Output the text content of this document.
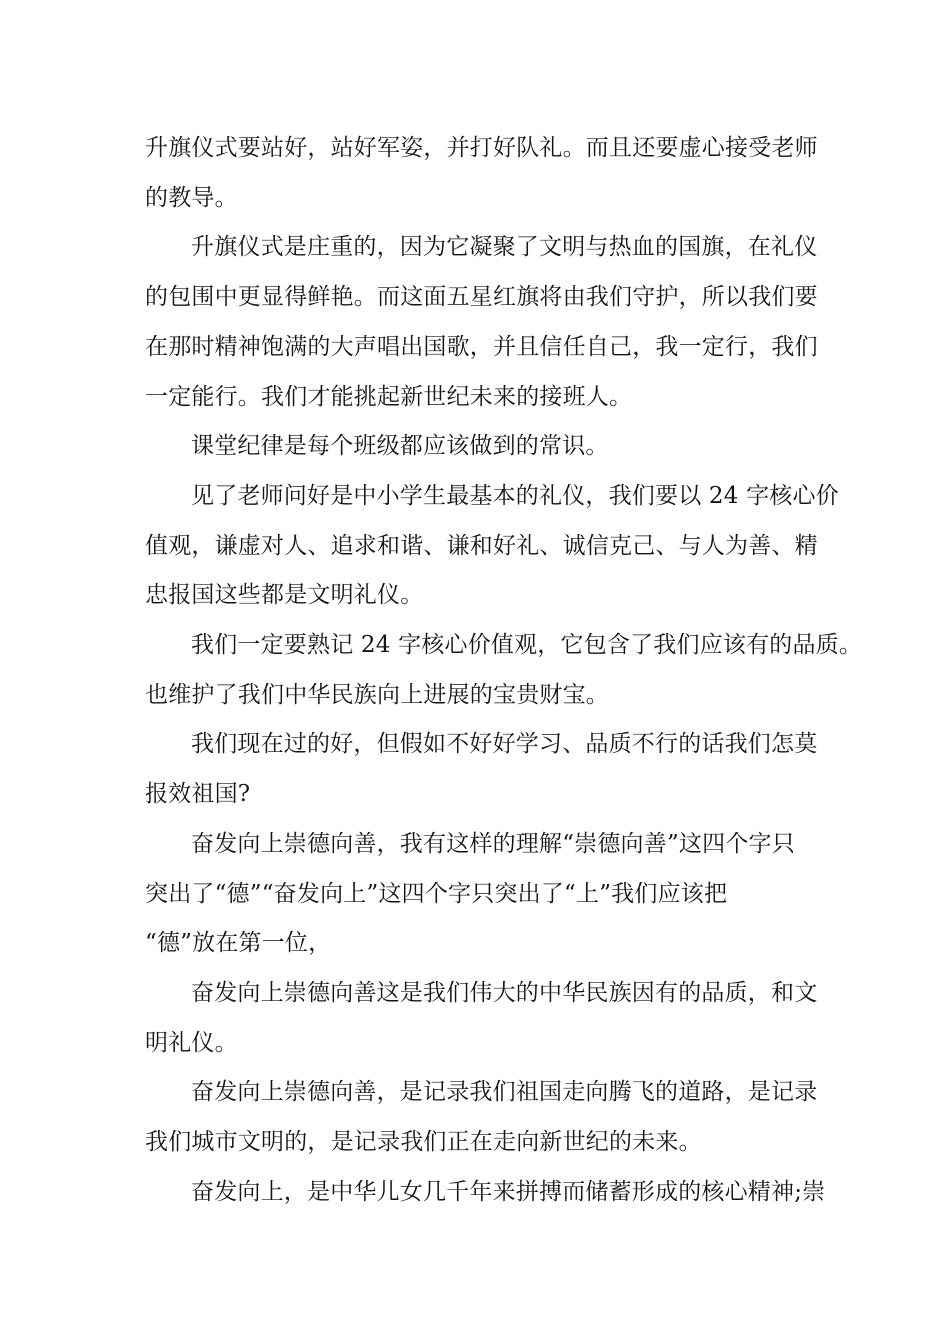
升旗仪式要站好，站好军姿，并打好队礼。而且还要虚心接受老师
的教导。

升旗仪式是庄重的，因为它凝聚了文明与热血的国旗，在礼仪
的包围中更显得鲜艳。而这面五星红旗将由我们守护，所以我们要
在那时精神饱满的大声唱出国歌，并且信任自己，我一定行，我们
一定能行。我们才能挑起新世纪未来的接班人。

课堂纪律是每个班级都应该做到的常识。

见了老师问好是中小学生最基本的礼仪，我们要以 24 字核心价
值观，谦虚对人、追求和谐、谦和好礼、诚信克己、与人为善、精
忠报国这些都是文明礼仪。

我们一定要熟记 24 字核心价值观，它包含了我们应该有的品质。
也维护了我们中华民族向上进展的宝贵财宝。

我们现在过的好，但假如不好好学习、品质不行的话我们怎莫
报效祖国?

奋发向上崇德向善，我有这样的理解“崇德向善”这四个字只
突出了“德”“奋发向上”这四个字只突出了“上”我们应该把
“德”放在第一位，

奋发向上崇德向善这是我们伟大的中华民族因有的品质，和文
明礼仪。

奋发向上崇德向善，是记录我们祖国走向腾飞的道路，是记录
我们城市文明的，是记录我们正在走向新世纪的未来。

奋发向上，是中华儿女几千年来拼搏而储蓄形成的核心精神;崇
